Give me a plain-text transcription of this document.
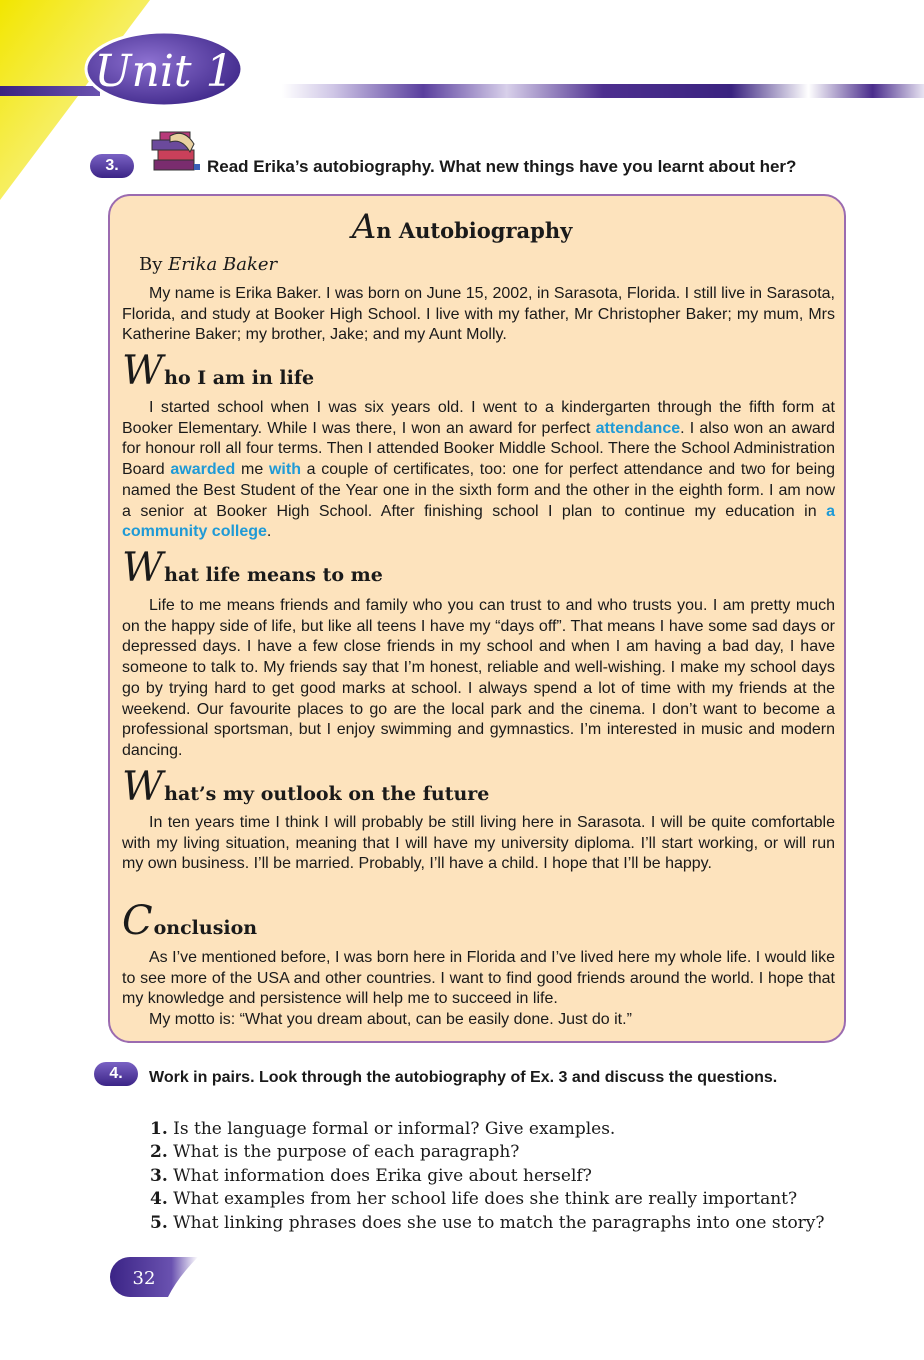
Unit 1
3.	Read Erika’s autobiography. What new things have you learnt about her?
An Autobiography
By Erika Baker

My name is Erika Baker. I was born on June 15, 2002, in Sarasota, Florida. I still live in Sarasota, Florida, and study at Booker High School. I live with my father, Mr Christopher Baker; my mum, Mrs Katherine Baker; my brother, Jake; and my Aunt Molly.

Who I am in life

I started school when I was six years old. I went to a kindergarten through the fifth form at Booker Elementary. While I was there, I won an award for perfect attendance. I also won an award for honour roll all four terms. Then I attended Booker Middle School. There the School Administration Board awarded me with a couple of certificates, too: one for perfect attendance and two for being named the Best Student of the Year one in the sixth form and the other in the eighth form. I am now a senior at Booker High School. After finishing school I plan to continue my education in a community college.

What life means to me

Life to me means friends and family who you can trust to and who trusts you. I am pretty much on the happy side of life, but like all teens I have my “days off”. That means I have some sad days or depressed days. I have a few close friends in my school and when I am having a bad day, I have someone to talk to. My friends say that I’m honest, reliable and well-wishing. I make my school days go by trying hard to get good marks at school. I always spend a lot of time with my friends at the weekend. Our favourite places to go are the local park and the cinema. I don’t want to become a professional sportsman, but I enjoy swimming and gymnastics. I’m interested in music and modern dancing.

What’s my outlook on the future

In ten years time I think I will probably be still living here in Sarasota. I will be quite comfortable with my living situation, meaning that I will have my university diploma. I’ll start working, or will run my own business. I’ll be married. Probably, I’ll have a child. I hope that I’ll be happy.

Conclusion

As I’ve mentioned before, I was born here in Florida and I’ve lived here my whole life. I would like to see more of the USA and other countries. I want to find good friends around the world. I hope that my knowledge and persistence will help me to succeed in life.

My motto is: “What you dream about, can be easily done. Just do it.”

4.	Work in pairs. Look through the autobiography of Ex. 3 and discuss the questions.
1. Is the language formal or informal? Give examples.
2. What is the purpose of each paragraph?
3. What information does Erika give about herself?
4. What examples from her school life does she think are really important?
5. What linking phrases does she use to match the paragraphs into one story?
32
